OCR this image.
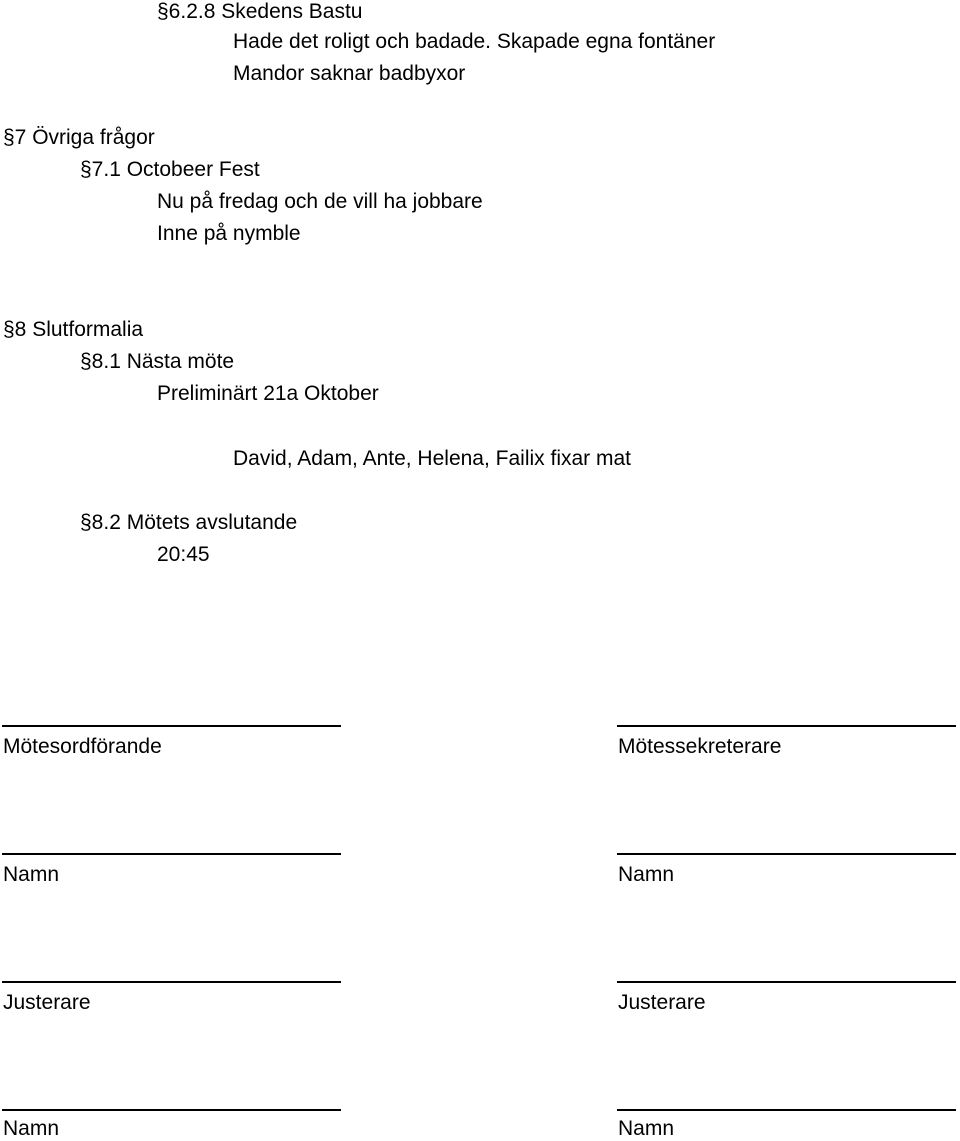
§6.2.8 Skedens Bastu
Hade det roligt och badade. Skapade egna fontäner
Mandor saknar badbyxor
§7 Övriga frågor
§7.1 Octobeer Fest
Nu på fredag och de vill ha jobbare
Inne på nymble
§8 Slutformalia
§8.1 Nästa möte
Preliminärt 21a Oktober
David, Adam, Ante, Helena, Failix fixar mat
§8.2 Mötets avslutande
20:45
Mötesordförande	Mötessekreterare
Namn	Namn
Justerare	Justerare
Namn	Namn
